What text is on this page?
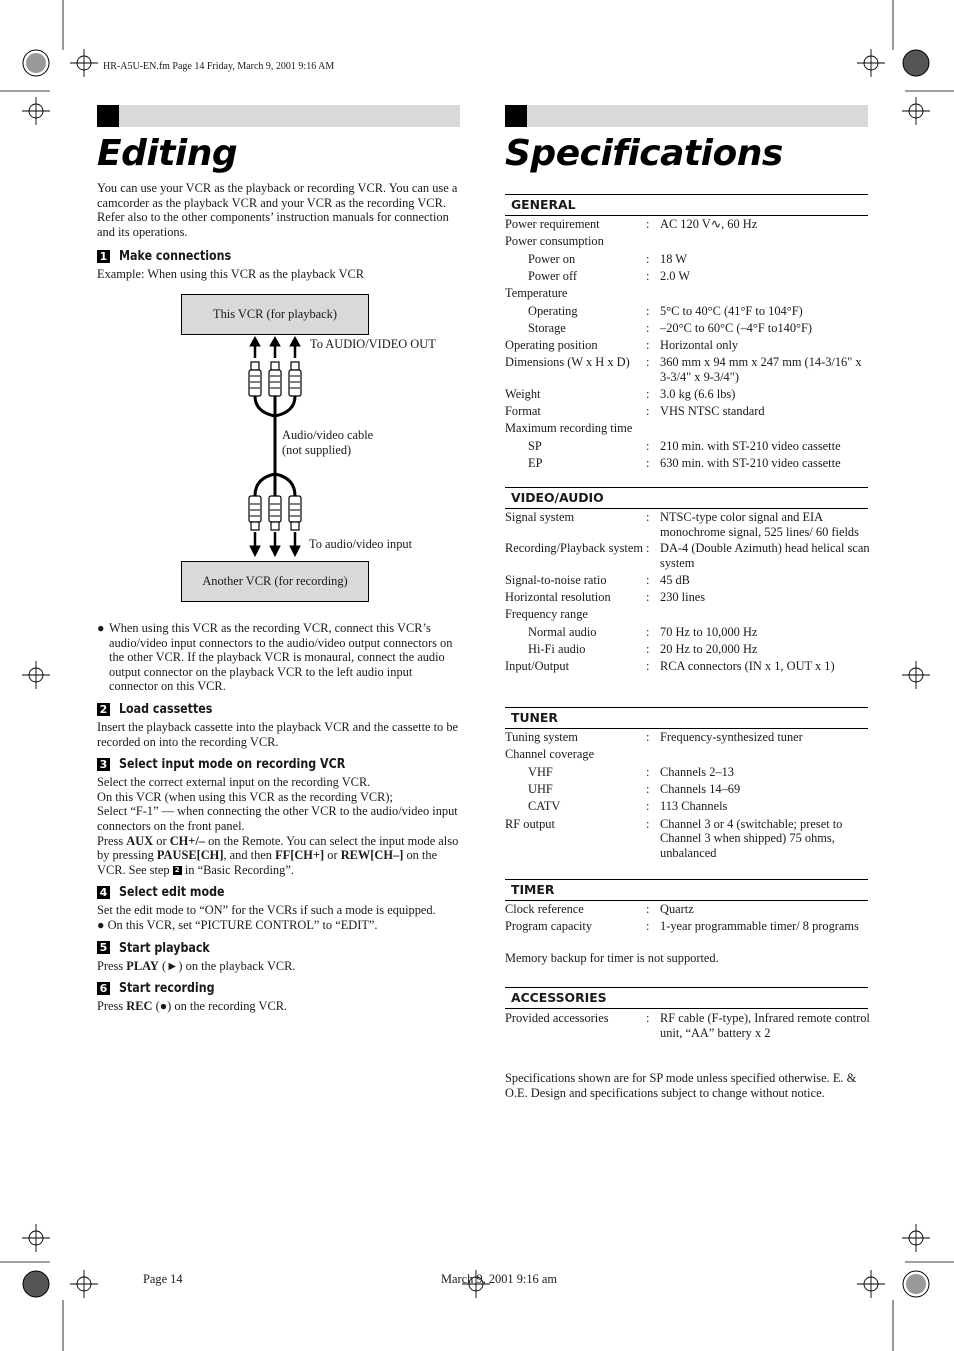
HR-A5U-EN.fm Page 14 Friday, March 9, 2001 9:16 AM
Editing
You can use your VCR as the playback or recording VCR. You can use a camcorder as the playback VCR and your VCR as the recording VCR. Refer also to the other components’ instruction manuals for connection and its operations.
1 Make connections
Example: When using this VCR as the playback VCR
This VCR (for playback)
To AUDIO/VIDEO OUT
Audio/video cable
(not supplied)
To audio/video input
Another VCR (for recording)
● When using this VCR as the recording VCR, connect this VCR’s audio/video input connectors to the audio/video output connectors on the other VCR. If the playback VCR is monaural, connect the audio output connector on the playback VCR to the left audio input connector on this VCR.
2 Load cassettes
Insert the playback cassette into the playback VCR and the cassette to be recorded on into the recording VCR.
3 Select input mode on recording VCR
Select the correct external input on the recording VCR.
On this VCR (when using this VCR as the recording VCR);
Select “F-1” — when connecting the other VCR to the audio/video input connectors on the front panel.
Press AUX or CH+/– on the Remote. You can select the input mode also by pressing PAUSE[CH], and then FF[CH+] or REW[CH–] on the VCR. See step 2 in “Basic Recording”.
4 Select edit mode
Set the edit mode to “ON” for the VCRs if such a mode is equipped.
● On this VCR, set “PICTURE CONTROL” to “EDIT”.
5 Start playback
Press PLAY (►) on the playback VCR.
6 Start recording
Press REC (●) on the recording VCR.
Specifications
GENERAL
Power requirement	: AC 120 V∿, 60 Hz
Power consumption
Power on	: 18 W
Power off	: 2.0 W
Temperature
Operating	: 5°C to 40°C (41°F to 104°F)
Storage	: –20°C to 60°C (–4°F to140°F)
Operating position	: Horizontal only
Dimensions (W x H x D)	: 360 mm x 94 mm x 247 mm (14-3/16" x 3-3/4" x 9-3/4")
Weight	: 3.0 kg (6.6 lbs)
Format	: VHS NTSC standard
Maximum recording time
SP	: 210 min. with ST-210 video cassette
EP	: 630 min. with ST-210 video cassette
VIDEO/AUDIO
Signal system	: NTSC-type color signal and EIA monochrome signal, 525 lines/ 60 fields
Recording/Playback system : DA-4 (Double Azimuth) head helical scan system
Signal-to-noise ratio	: 45 dB
Horizontal resolution	: 230 lines
Frequency range
Normal audio	: 70 Hz to 10,000 Hz
Hi-Fi audio	: 20 Hz to 20,000 Hz
Input/Output	: RCA connectors (IN x 1, OUT x 1)
TUNER
Tuning system	: Frequency-synthesized tuner
Channel coverage
VHF	: Channels 2–13
UHF	: Channels 14–69
CATV	: 113 Channels
RF output	: Channel 3 or 4 (switchable; preset to Channel 3 when shipped) 75 ohms, unbalanced
TIMER
Clock reference	: Quartz
Program capacity	: 1-year programmable timer/ 8 programs
Memory backup for timer is not supported.
ACCESSORIES
Provided accessories	: RF cable (F-type), Infrared remote control unit, “AA” battery x 2
Specifications shown are for SP mode unless specified otherwise. E. & O.E. Design and specifications subject to change without notice.
Page 14	March 9, 2001 9:16 am
